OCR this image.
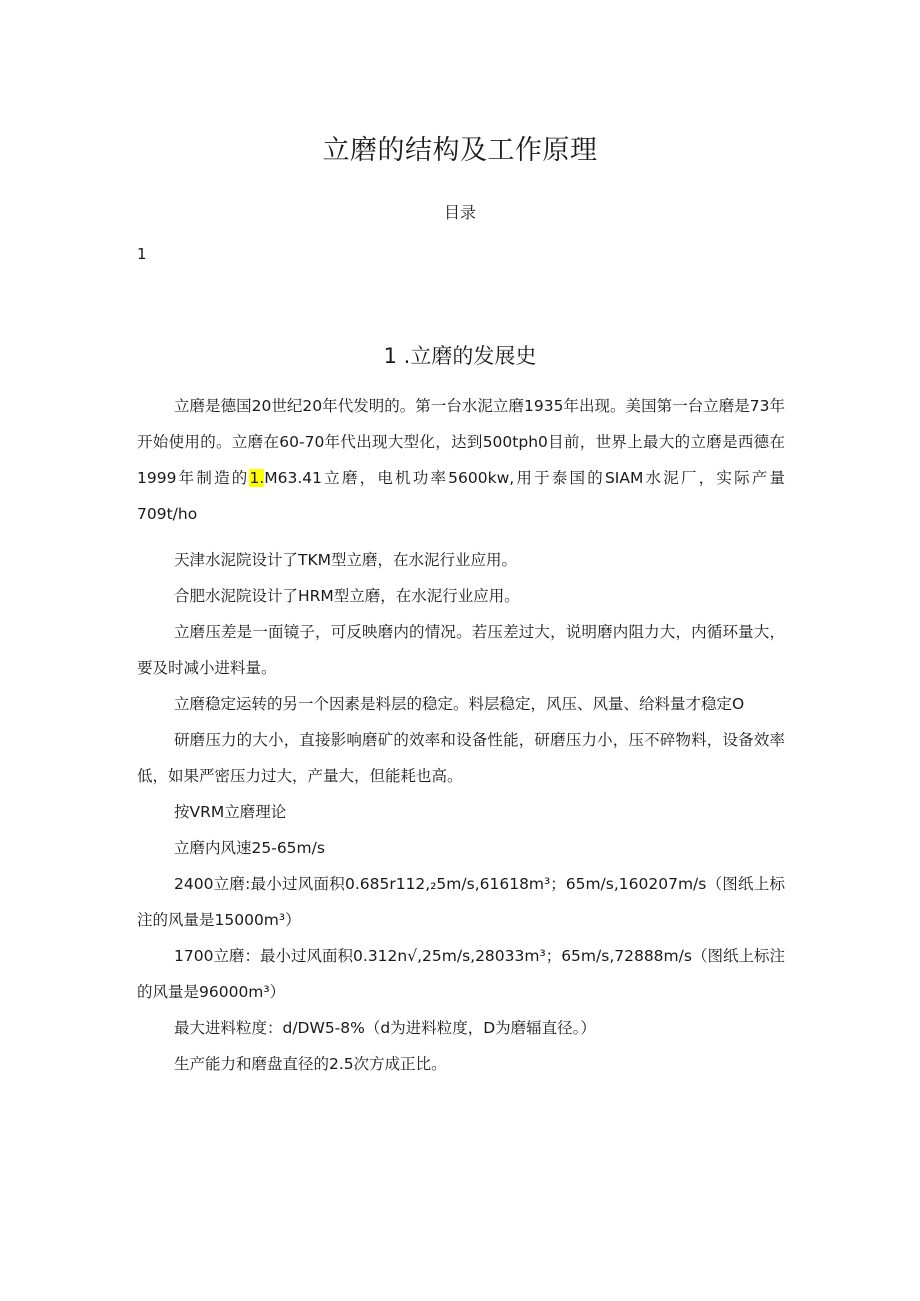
立磨的结构及工作原理
目录
1
1 .立磨的发展史

立磨是德国20世纪20年代发明的。第一台水泥立磨1935年出现。美国第一台立磨是73年开始使用的。立磨在60-70年代出现大型化，达到500tph0目前，世界上最大的立磨是西德在1999年制造的1.M63.41立磨，电机功率5600kw,用于泰国的SIAM水泥厂，实际产量709t∕ho

天津水泥院设计了TKM型立磨，在水泥行业应用。

合肥水泥院设计了HRM型立磨，在水泥行业应用。

立磨压差是一面镜子，可反映磨内的情况。若压差过大，说明磨内阻力大，内循环量大，要及时减小进料量。

立磨稳定运转的另一个因素是料层的稳定。料层稳定，风压、风量、给料量才稳定O

研磨压力的大小，直接影响磨矿的效率和设备性能，研磨压力小，压不碎物料，设备效率低，如果严密压力过大，产量大，但能耗也高。

按VRM立磨理论

立磨内风速25-65m∕s

2400立磨:最小过风面积0.685r112,₂5m∕s,61618m³；65m∕s,160207m∕s（图纸上标注的风量是15000m³）

1700立磨：最小过风面积0.312n√,25m∕s,28033m³；65m∕s,72888m∕s（图纸上标注的风量是96000m³）

最大进料粒度：d∕DW5-8%（d为进料粒度，D为磨辐直径。）

生产能力和磨盘直径的2.5次方成正比。
